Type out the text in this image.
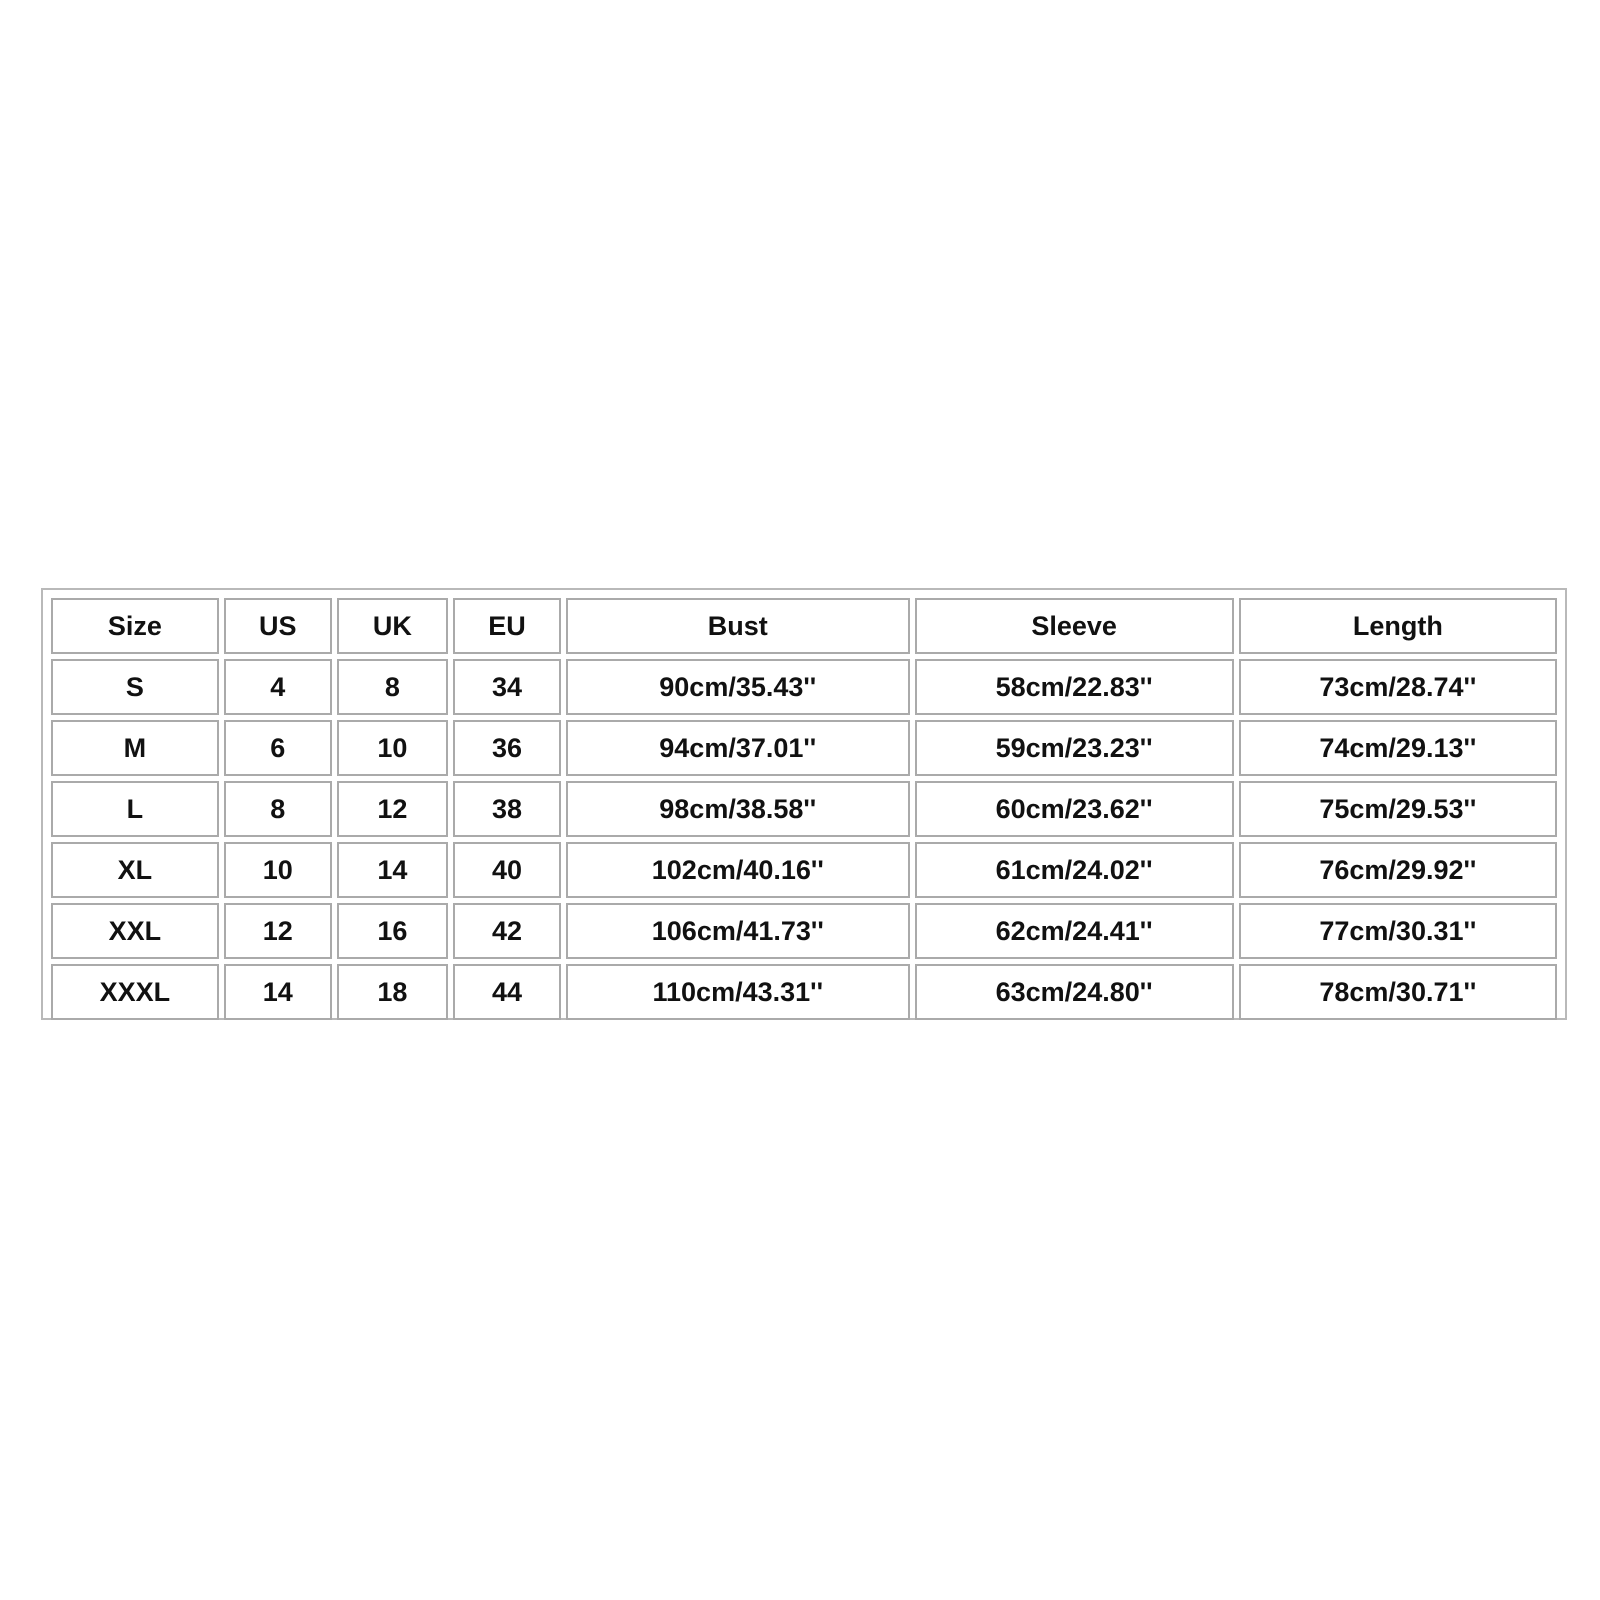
Size	US	UK	EU	Bust	Sleeve	Length
S	4	8	34	90cm/35.43''	58cm/22.83''	73cm/28.74''
M	6	10	36	94cm/37.01''	59cm/23.23''	74cm/29.13''
L	8	12	38	98cm/38.58''	60cm/23.62''	75cm/29.53''
XL	10	14	40	102cm/40.16''	61cm/24.02''	76cm/29.92''
XXL	12	16	42	106cm/41.73''	62cm/24.41''	77cm/30.31''
XXXL	14	18	44	110cm/43.31''	63cm/24.80''	78cm/30.71''
